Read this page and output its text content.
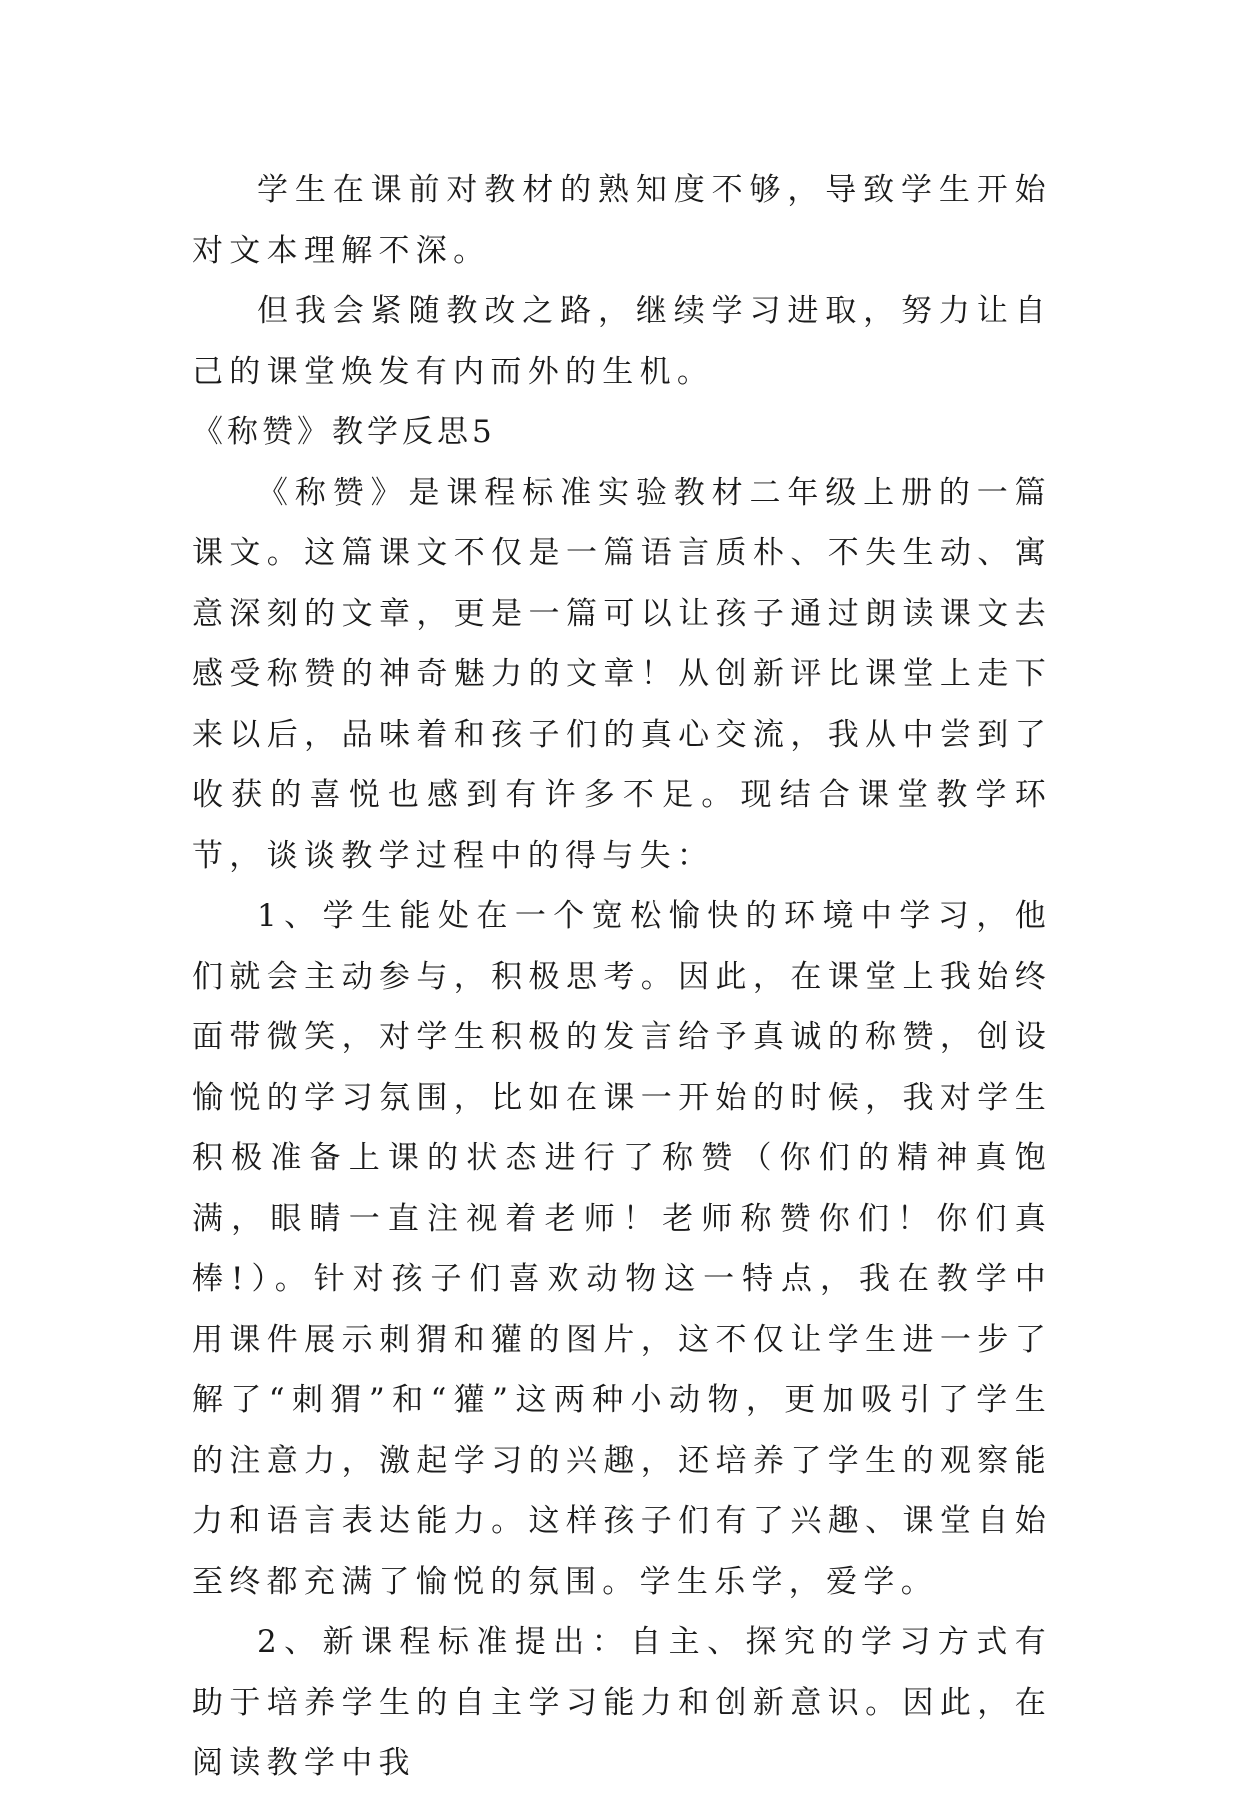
学生在课前对教材的熟知度不够，导致学生开始对文本理解不深。

但我会紧随教改之路，继续学习进取，努力让自己的课堂焕发有内而外的生机。

《称赞》教学反思5

《称赞》是课程标准实验教材二年级上册的一篇课文。这篇课文不仅是一篇语言质朴、不失生动、寓意深刻的文章，更是一篇可以让孩子通过朗读课文去感受称赞的神奇魅力的文章！从创新评比课堂上走下来以后，品味着和孩子们的真心交流，我从中尝到了收获的喜悦也感到有许多不足。现结合课堂教学环节，谈谈教学过程中的得与失：

1、学生能处在一个宽松愉快的环境中学习，他们就会主动参与，积极思考。因此，在课堂上我始终面带微笑，对学生积极的发言给予真诚的称赞，创设愉悦的学习氛围，比如在课一开始的时候，我对学生积极准备上课的状态进行了称赞（你们的精神真饱满，眼睛一直注视着老师！老师称赞你们！你们真棒!）。针对孩子们喜欢动物这一特点，我在教学中用课件展示刺猬和獾的图片，这不仅让学生进一步了解了“刺猬”和“獾”这两种小动物，更加吸引了学生的注意力，激起学习的兴趣，还培养了学生的观察能力和语言表达能力。这样孩子们有了兴趣、课堂自始至终都充满了愉悦的氛围。学生乐学，爱学。

2、新课程标准提出：自主、探究的学习方式有助于培养学生的自主学习能力和创新意识。因此，在阅读教学中我
